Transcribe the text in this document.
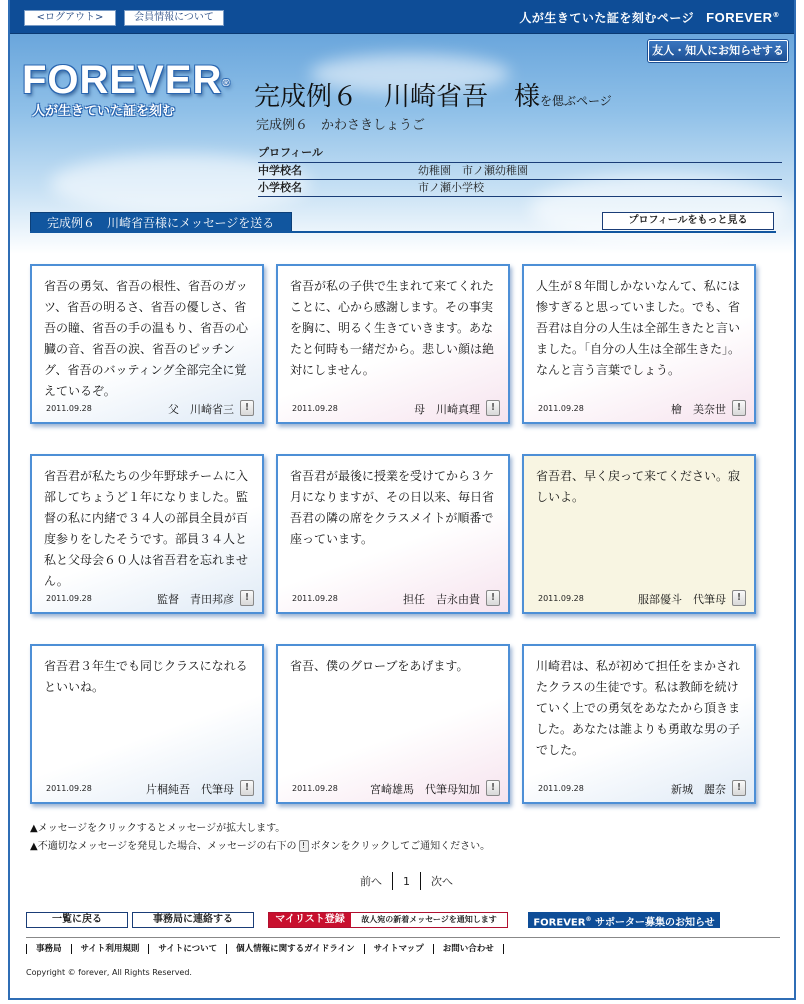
<ログアウト>	会員情報について	人が生きていた証を刻むページ FOREVER®
友人・知人にお知らせする
FOREVER®
人が生きていた証を刻む	完成例６　川崎省吾　様を偲ぶページ
完成例６　かわさきしょうご
プロフィール
中学校名	幼稚園　市ノ瀬幼稚園
小学校名	市ノ瀬小学校
完成例６　川崎省吾様にメッセージを送る	プロフィールをもっと見る
省吾の勇気、省吾の根性、省吾のガッツ、省吾の明るさ、省吾の優しさ、省吾の瞳、省吾の手の温もり、省吾の心臓の音、省吾の涙、省吾のピッチング、省吾のバッティング全部完全に覚えているぞ。
2011.09.28	父　川崎省三	!
省吾が私の子供で生まれて来てくれたことに、心から感謝します。その事実を胸に、明るく生きていきます。あなたと何時も一緒だから。悲しい顔は絶対にしません。
2011.09.28	母　川崎真理	!
人生が８年間しかないなんて、私には惨すぎると思っていました。でも、省吾君は自分の人生は全部生きたと言いました。「自分の人生は全部生きた」。なんと言う言葉でしょう。
2011.09.28	檜　美奈世	!
省吾君が私たちの少年野球チームに入部してちょうど１年になりました。監督の私に内緒で３４人の部員全員が百度参りをしたそうです。部員３４人と私と父母会６０人は省吾君を忘れません。
2011.09.28	監督　青田邦彦	!
省吾君が最後に授業を受けてから３ケ月になりますが、その日以来、毎日省吾君の隣の席をクラスメイトが順番で座っています。
2011.09.28	担任　吉永由貴	!
省吾君、早く戻って来てください。寂しいよ。
2011.09.28	服部優斗　代筆母	!
省吾君３年生でも同じクラスになれるといいね。
2011.09.28	片桐純吾　代筆母	!
省吾、僕のグローブをあげます。
2011.09.28	宮崎雄馬　代筆母知加	!
川崎君は、私が初めて担任をまかされたクラスの生徒です。私は教師を続けていく上での勇気をあなたから頂きました。あなたは誰よりも勇敢な男の子でした。
2011.09.28	新城　麗奈	!
▲メッセージをクリックするとメッセージが拡大します。
▲不適切なメッセージを発見した場合、メッセージの右下の ! ボタンをクリックしてご通知ください。
前へ	1	次へ
一覧に戻る	事務局に連絡する	マイリスト登録	故人宛の新着メッセージを通知します	FOREVER® サポーター募集のお知らせ
事務局	サイト利用規則	サイトについて	個人情報に関するガイドライン	サイトマップ	お問い合わせ
Copyright © forever, All Rights Reserved.
